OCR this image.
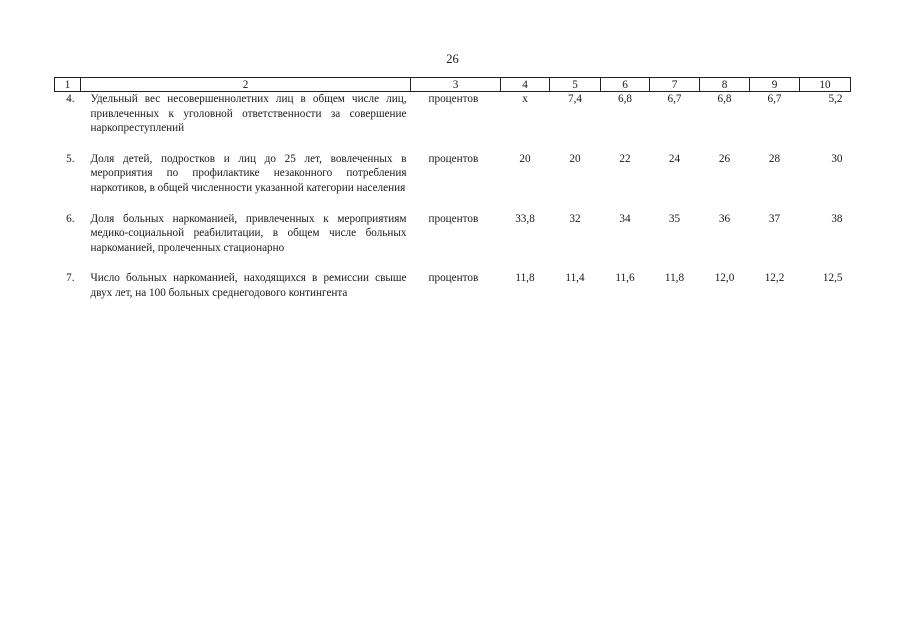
26
1	2	3	4	5	6	7	8	9	10
4.	Удельный вес несовершеннолетних лиц в общем числе лиц, привлеченных к уголовной ответственности за совершение наркопреступлений	процентов	х	7,4	6,8	6,7	6,8	6,7	5,2
5.	Доля детей, подростков и лиц до 25 лет, вовлеченных в мероприятия по профилактике незаконного потребления наркотиков, в общей численности указанной категории населения	процентов	20	20	22	24	26	28	30
6.	Доля больных наркоманией, привлеченных к мероприятиям медико-социальной реабилитации, в общем числе больных наркоманией, пролеченных стационарно	процентов	33,8	32	34	35	36	37	38
7.	Число больных наркоманией, находящихся в ремиссии свыше двух лет, на 100 больных среднегодового контингента	процентов	11,8	11,4	11,6	11,8	12,0	12,2	12,5
